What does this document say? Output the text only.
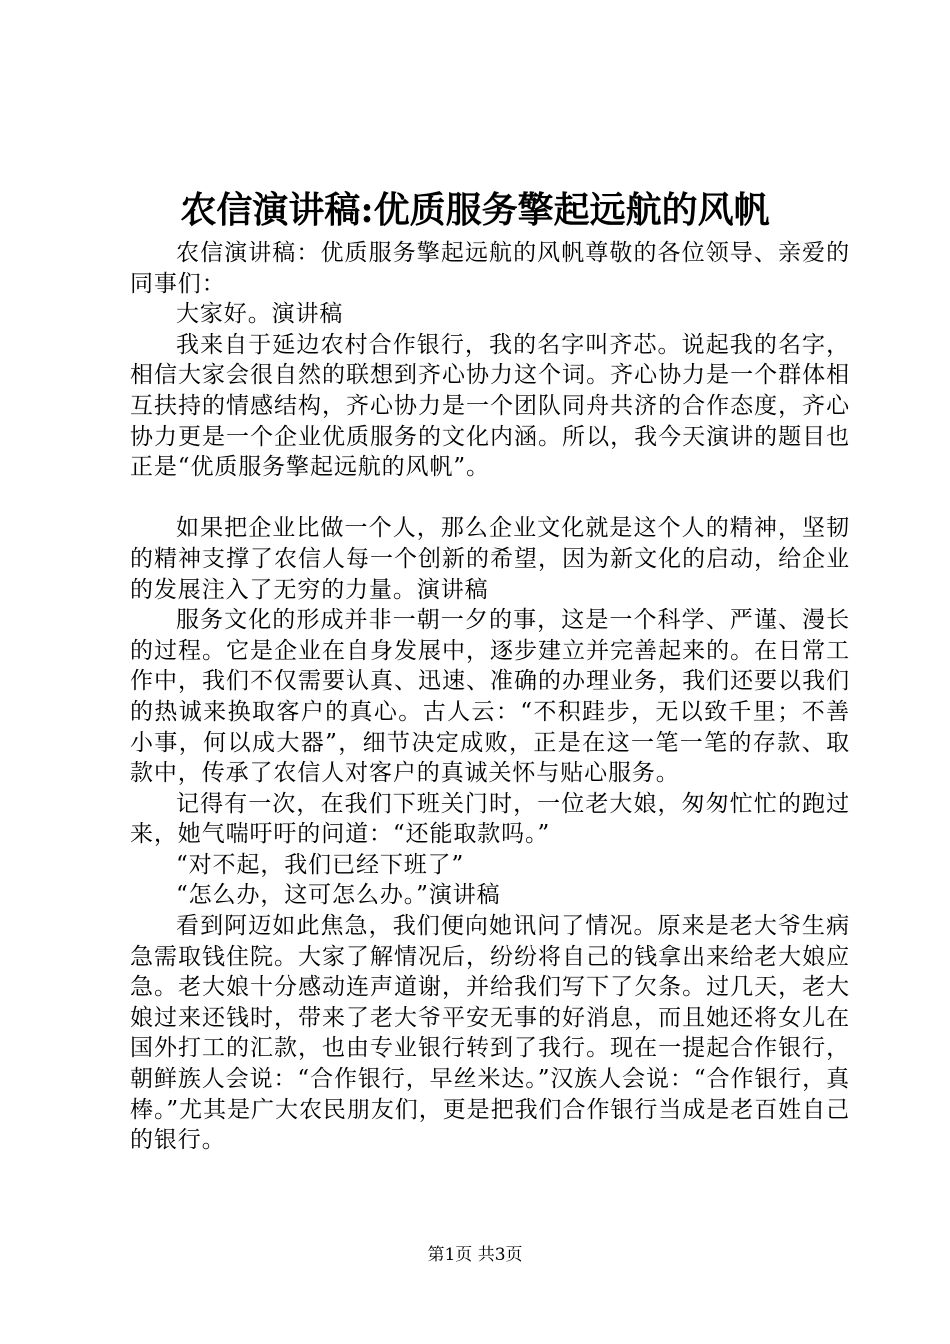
农信演讲稿:优质服务擎起远航的风帆

农信演讲稿：优质服务擎起远航的风帆尊敬的各位领导、亲爱的同事们：

大家好。演讲稿

我来自于延边农村合作银行，我的名字叫齐芯。说起我的名字，相信大家会很自然的联想到齐心协力这个词。齐心协力是一个群体相互扶持的情感结构，齐心协力是一个团队同舟共济的合作态度，齐心协力更是一个企业优质服务的文化内涵。所以，我今天演讲的题目也正是“优质服务擎起远航的风帆”。

如果把企业比做一个人，那么企业文化就是这个人的精神，坚韧的精神支撑了农信人每一个创新的希望，因为新文化的启动，给企业的发展注入了无穷的力量。演讲稿

服务文化的形成并非一朝一夕的事，这是一个科学、严谨、漫长的过程。它是企业在自身发展中，逐步建立并完善起来的。在日常工作中，我们不仅需要认真、迅速、准确的办理业务，我们还要以我们的热诚来换取客户的真心。古人云：“不积跬步，无以致千里；不善小事，何以成大器”，细节决定成败，正是在这一笔一笔的存款、取款中，传承了农信人对客户的真诚关怀与贴心服务。

记得有一次，在我们下班关门时，一位老大娘，匆匆忙忙的跑过来，她气喘吁吁的问道：“还能取款吗。”

“对不起，我们已经下班了”

“怎么办，这可怎么办。”演讲稿

看到阿迈如此焦急，我们便向她讯问了情况。原来是老大爷生病急需取钱住院。大家了解情况后，纷纷将自己的钱拿出来给老大娘应急。老大娘十分感动连声道谢，并给我们写下了欠条。过几天，老大娘过来还钱时，带来了老大爷平安无事的好消息，而且她还将女儿在国外打工的汇款，也由专业银行转到了我行。现在一提起合作银行，朝鲜族人会说：“合作银行，早丝米达。”汉族人会说：“合作银行，真棒。”尤其是广大农民朋友们，更是把我们合作银行当成是老百姓自己的银行。

第1页 共3页
